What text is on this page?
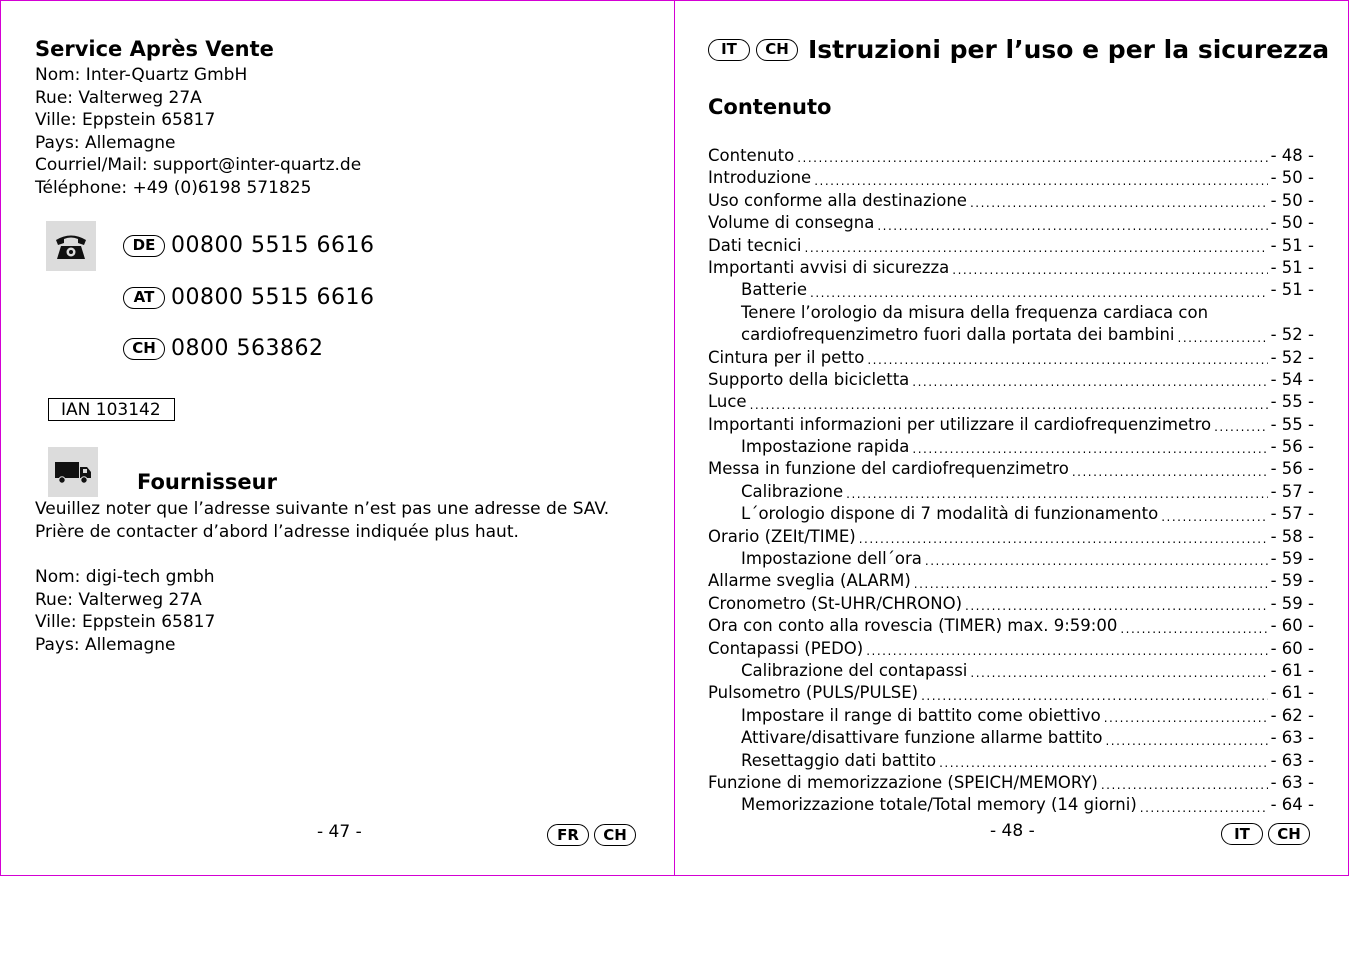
Service Après Vente
Nom: Inter-Quartz GmbH
Rue: Valterweg 27A
Ville: Eppstein 65817
Pays: Allemagne
Courriel/Mail: support@inter-quartz.de
Téléphone: +49 (0)6198 571825
DE 00800 5515 6616
AT 00800 5515 6616
CH 0800 563862
IAN 103142
Fournisseur
Veuillez noter que l’adresse suivante n’est pas une adresse de SAV. Prière de contacter d’abord l’adresse indiquée plus haut.
Nom: digi-tech gmbh
Rue: Valterweg 27A
Ville: Eppstein 65817
Pays: Allemagne
- 47 -	FR	CH
IT	CH Istruzioni per l’uso e per la sicurezza
Contenuto
Contenuto .....	- 48 -
Introduzione .....	- 50 -
Uso conforme alla destinazione .....	- 50 -
Volume di consegna .....	- 50 -
Dati tecnici .....	- 51 -
Importanti avvisi di sicurezza .....	- 51 -
Batterie .....	- 51 -
Tenere l’orologio da misura della frequenza cardiaca con
cardiofrequenzimetro fuori dalla portata dei bambini .....	- 52 -
Cintura per il petto .....	- 52 -
Supporto della bicicletta .....	- 54 -
Luce .....	- 55 -
Importanti informazioni per utilizzare il cardiofrequenzimetro .....	- 55 -
Impostazione rapida .....	- 56 -
Messa in funzione del cardiofrequenzimetro .....	- 56 -
Calibrazione .....	- 57 -
L´orologio dispone di 7 modalità di funzionamento .....	- 57 -
Orario (ZEIt/TIME) .....	- 58 -
Impostazione dell´ora .....	- 59 -
Allarme sveglia (ALARM) .....	- 59 -
Cronometro (St-UHR/CHRONO) .....	- 59 -
Ora con conto alla rovescia (TIMER) max. 9:59:00 .....	- 60 -
Contapassi (PEDO) .....	- 60 -
Calibrazione del contapassi .....	- 61 -
Pulsometro (PULS/PULSE) .....	- 61 -
Impostare il range di battito come obiettivo .....	- 62 -
Attivare/disattivare funzione allarme battito .....	- 63 -
Resettaggio dati battito .....	- 63 -
Funzione di memorizzazione (SPEICH/MEMORY) .....	- 63 -
Memorizzazione totale/Total memory (14 giorni) .....	- 64 -
- 48 -	IT	CH
